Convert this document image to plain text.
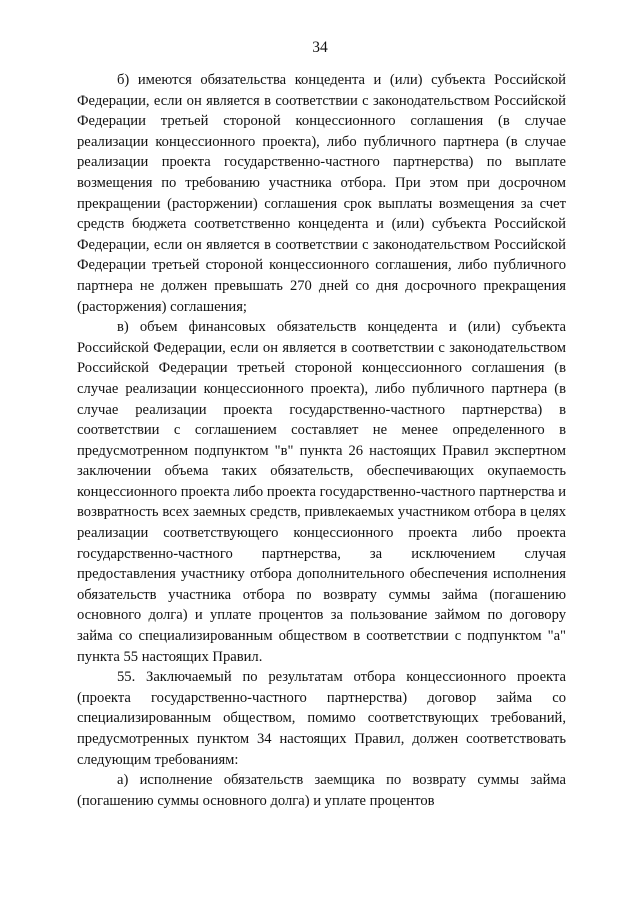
34

б) имеются обязательства концедента и (или) субъекта Российской Федерации, если он является в соответствии с законодательством Российской Федерации третьей стороной концессионного соглашения (в случае реализации концессионного проекта), либо публичного партнера (в случае реализации проекта государственно-частного партнерства) по выплате возмещения по требованию участника отбора. При этом при досрочном прекращении (расторжении) соглашения срок выплаты возмещения за счет средств бюджета соответственно концедента и (или) субъекта Российской Федерации, если он является в соответствии с законодательством Российской Федерации третьей стороной концессионного соглашения, либо публичного партнера не должен превышать 270 дней со дня досрочного прекращения (расторжения) соглашения;

в) объем финансовых обязательств концедента и (или) субъекта Российской Федерации, если он является в соответствии с законодательством Российской Федерации третьей стороной концессионного соглашения (в случае реализации концессионного проекта), либо публичного партнера (в случае реализации проекта государственно-частного партнерства) в соответствии с соглашением составляет не менее определенного в предусмотренном подпунктом "в" пункта 26 настоящих Правил экспертном заключении объема таких обязательств, обеспечивающих окупаемость концессионного проекта либо проекта государственно-частного партнерства и возвратность всех заемных средств, привлекаемых участником отбора в целях реализации соответствующего концессионного проекта либо проекта государственно-частного партнерства, за исключением случая предоставления участнику отбора дополнительного обеспечения исполнения обязательств участника отбора по возврату суммы займа (погашению основного долга) и уплате процентов за пользование займом по договору займа со специализированным обществом в соответствии с подпунктом "а" пункта 55 настоящих Правил.

55. Заключаемый по результатам отбора концессионного проекта (проекта государственно-частного партнерства) договор займа со специализированным обществом, помимо соответствующих требований, предусмотренных пунктом 34 настоящих Правил, должен соответствовать следующим требованиям:

а) исполнение обязательств заемщика по возврату суммы займа (погашению суммы основного долга) и уплате процентов
